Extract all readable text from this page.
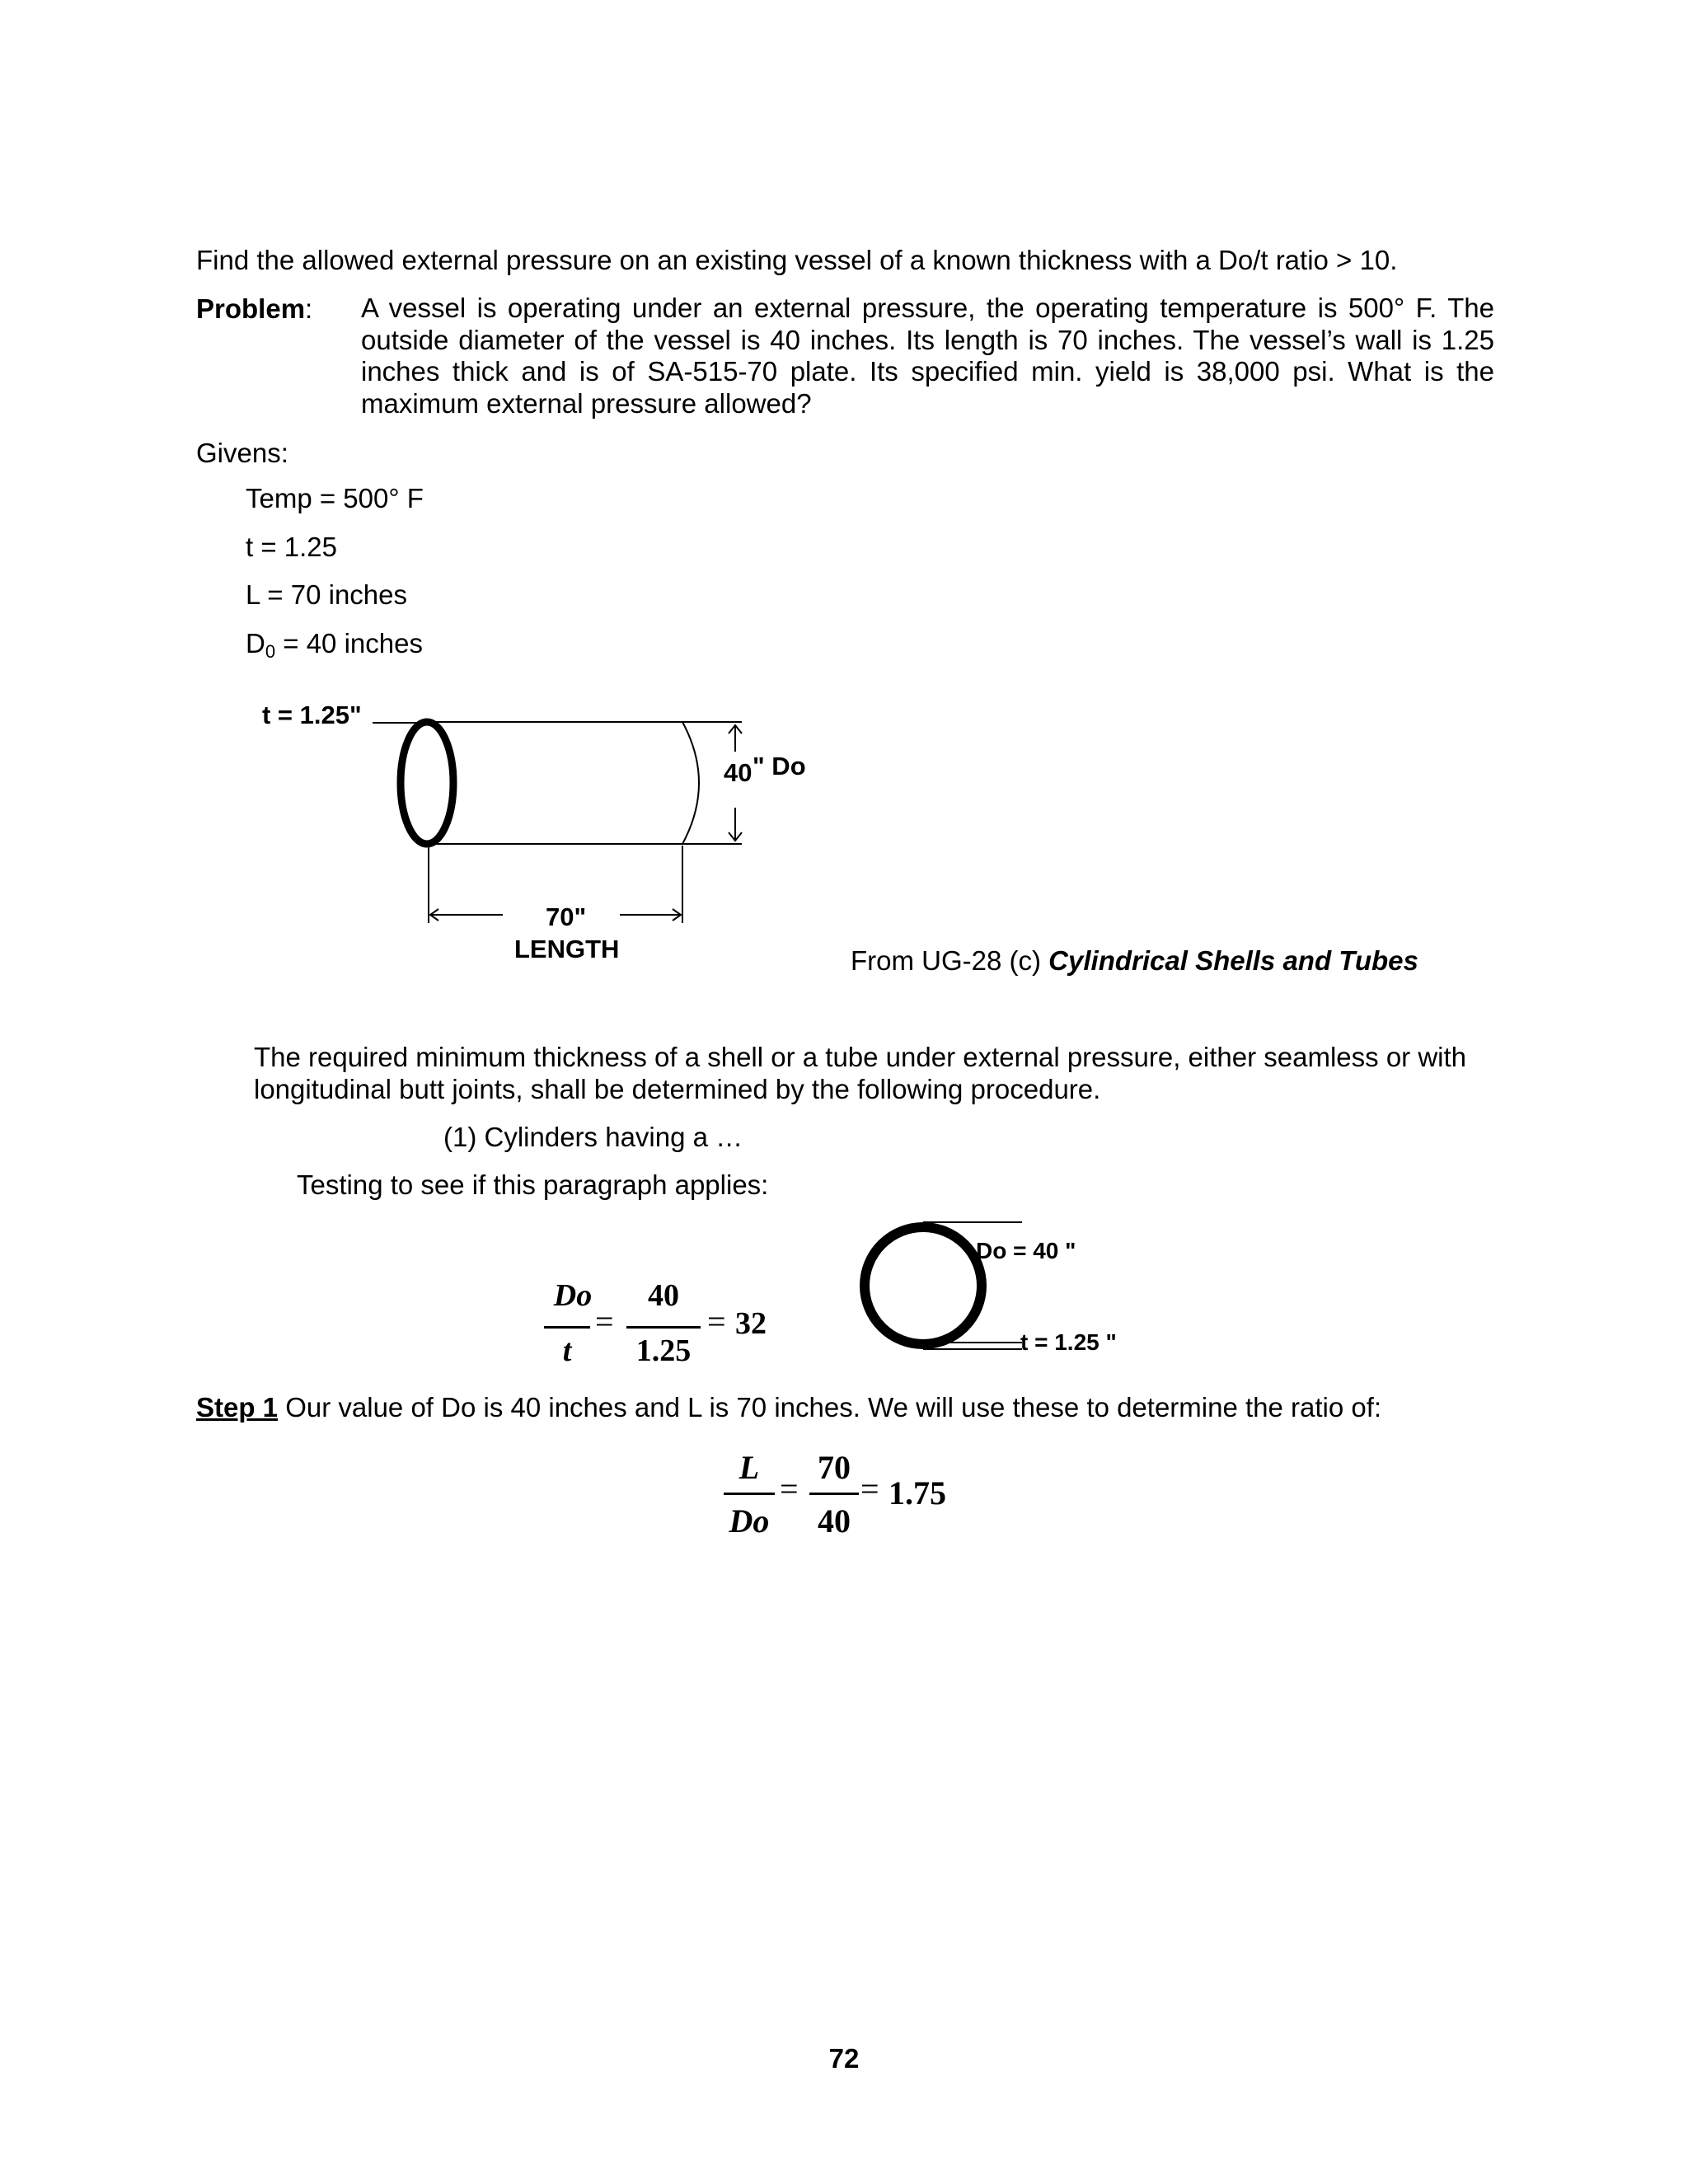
Find the allowed external pressure on an existing vessel of a known thickness with a Do/t ratio > 10.
Problem: A vessel is operating under an external pressure, the operating temperature is 500° F. The outside diameter of the vessel is 40 inches. Its length is 70 inches. The vessel’s wall is 1.25 inches thick and is of SA-515-70 plate. Its specified min. yield is 38,000 psi. What is the maximum external pressure allowed?
Givens:
Temp = 500° F
t = 1.25
L = 70 inches
$D_0 = 40$ inches
t = 1.25"
40 " Do
70"
LENGTH	From UG-28 (c) Cylindrical Shells and Tubes
The required minimum thickness of a shell or a tube under external pressure, either seamless or with longitudinal butt joints, shall be determined by the following procedure.
(1) Cylinders having a …
Testing to see if this paragraph applies:
Do
t
=
40
1.25
= 32
Do = 40 "
t = 1.25 "
Step 1 Our value of Do is 40 inches and L is 70 inches. We will use these to determine the ratio of:
L
Do
=
70
40
= 1.75
72
